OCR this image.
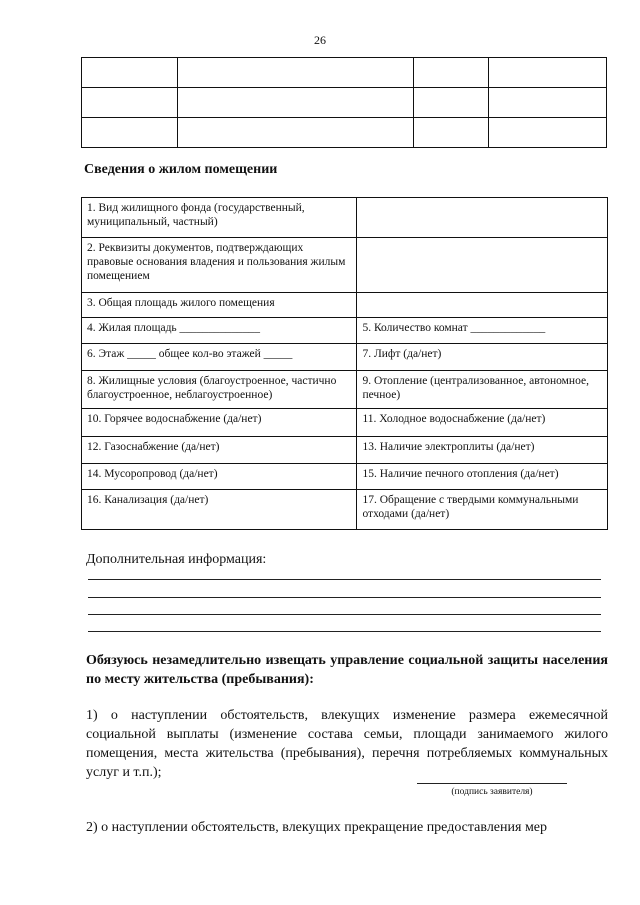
26

Сведения о жилом помещении
1. Вид жилищного фонда (государственный, муниципальный, частный)	
2. Реквизиты документов, подтверждающих правовые основания владения и пользования жилым помещением	
3. Общая площадь жилого помещения	
4. Жилая площадь ______________	5. Количество комнат _____________
6. Этаж _____ общее кол-во этажей _____	7. Лифт (да/нет)
8. Жилищные условия (благоустроенное, частично благоустроенное, неблагоустроенное)	9. Отопление (централизованное, автономное, печное)
10. Горячее водоснабжение (да/нет)	11. Холодное водоснабжение (да/нет)
12. Газоснабжение (да/нет)	13. Наличие электроплиты (да/нет)
14. Мусоропровод (да/нет)	15. Наличие печного отопления (да/нет)
16. Канализация (да/нет)	17. Обращение с твердыми коммунальными отходами (да/нет)
Дополнительная информация:
Обязуюсь незамедлительно извещать управление социальной защиты населения по месту жительства (пребывания):
1) о наступлении обстоятельств, влекущих изменение размера ежемесячной социальной выплаты (изменение состава семьи, площади занимаемого жилого помещения, места жительства (пребывания), перечня потребляемых коммунальных услуг и т.п.);
(подпись заявителя)
2) о наступлении обстоятельств, влекущих прекращение предоставления мер
